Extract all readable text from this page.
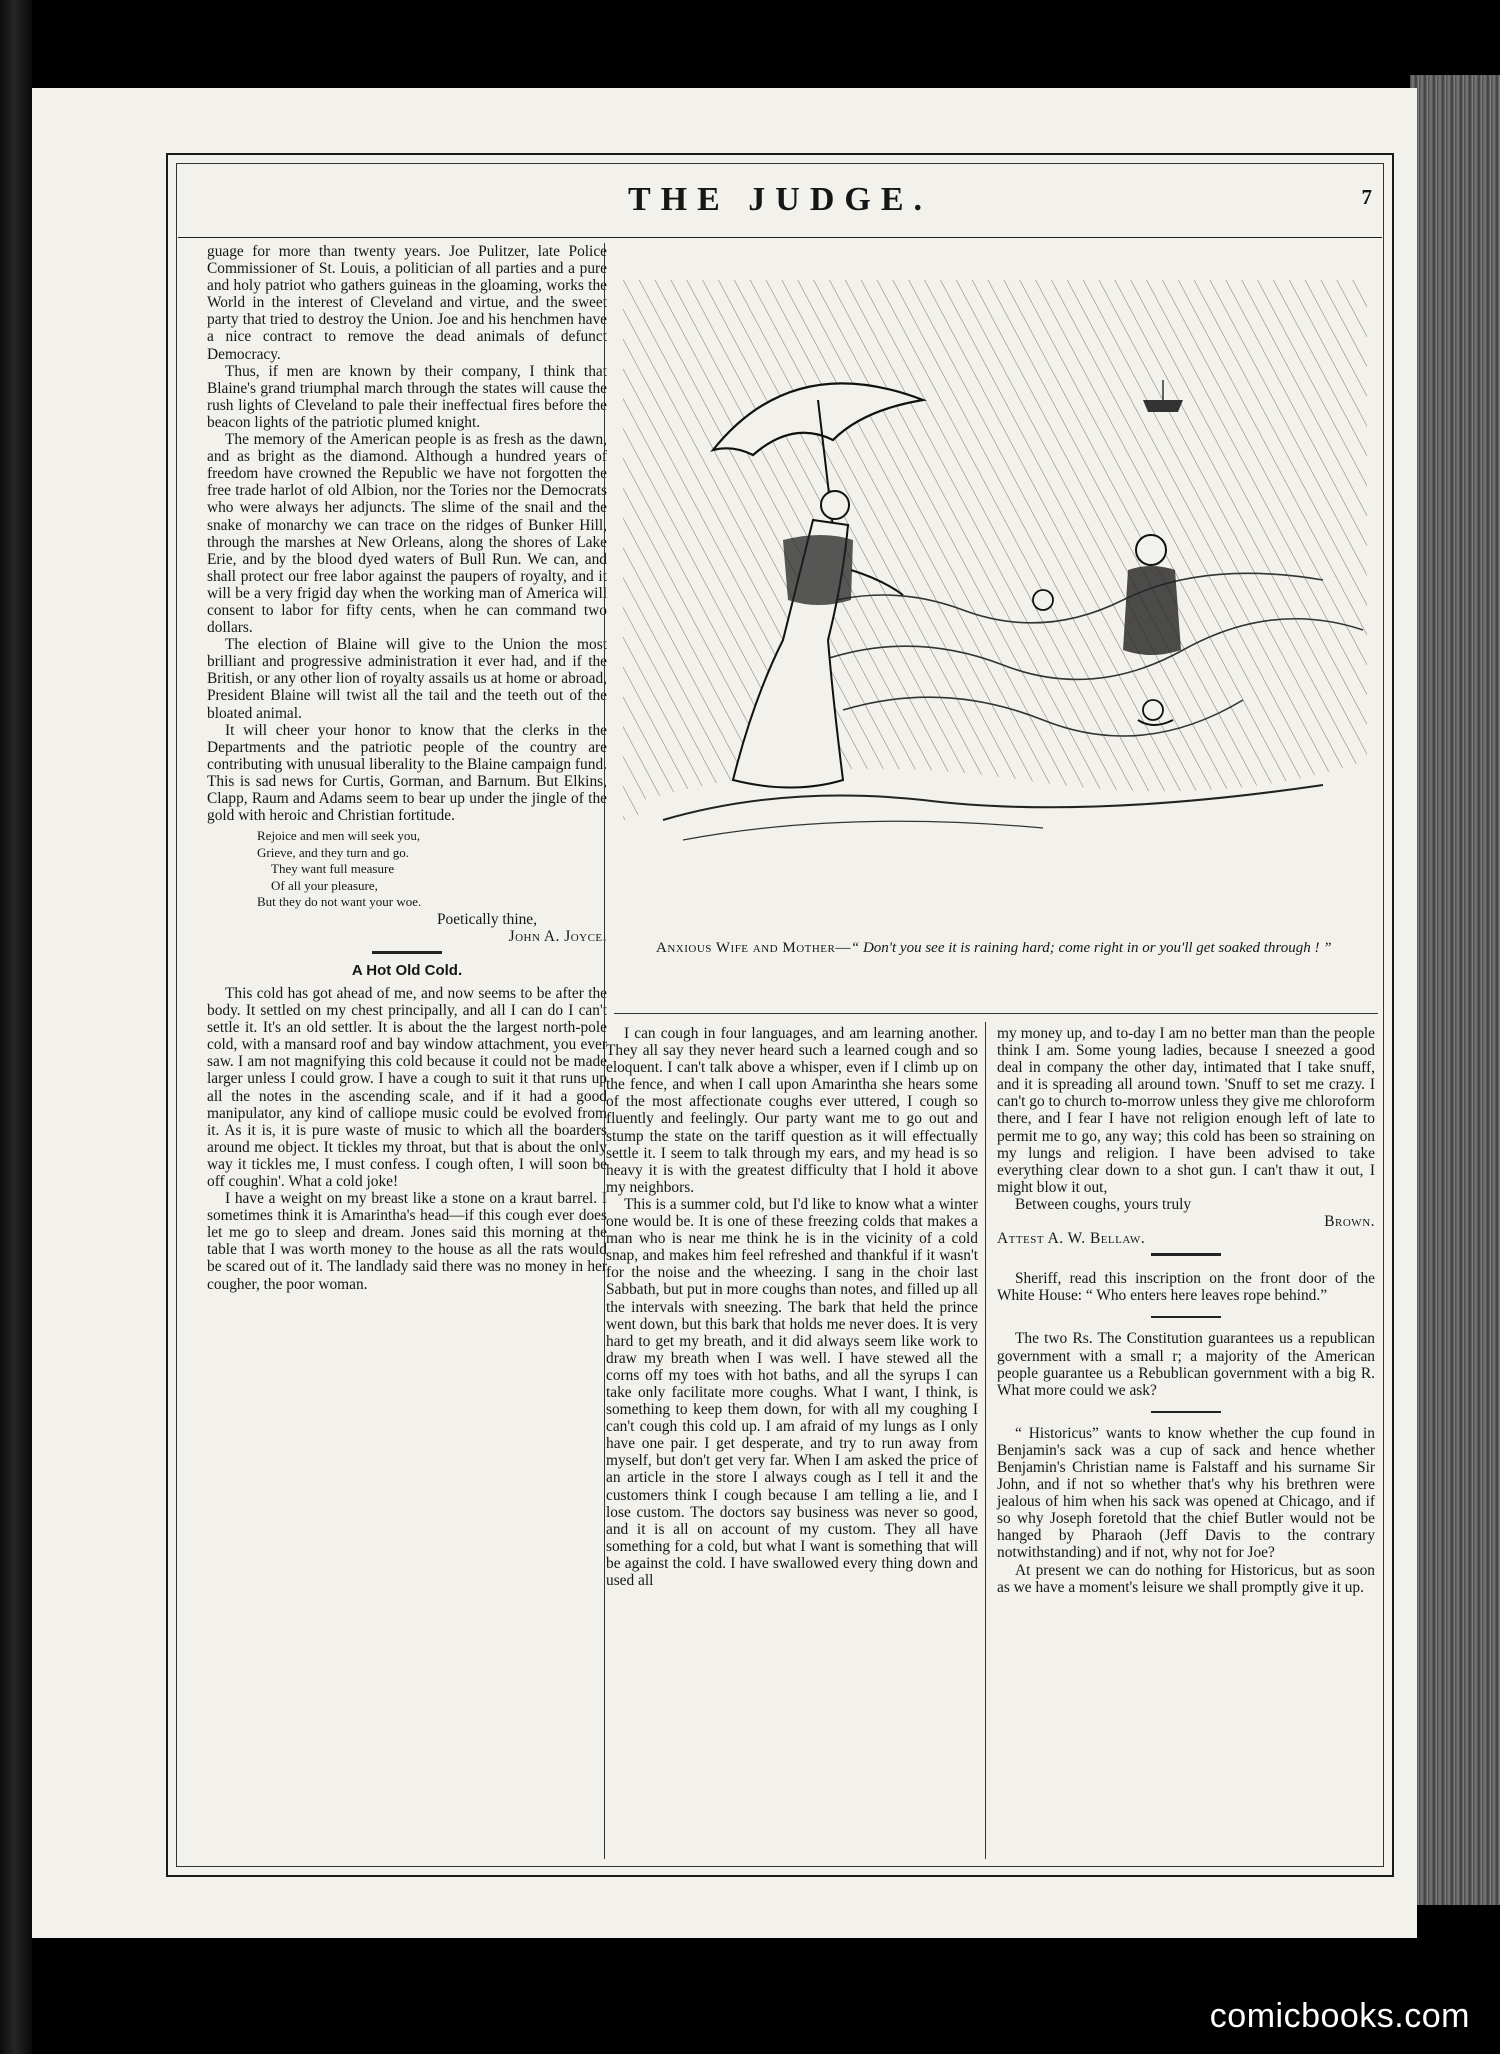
THE JUDGE.	7

guage for more than twenty years. Joe Pulitzer, late Police Commissioner of St. Louis, a politician of all parties and a pure and holy patriot who gathers guineas in the gloaming, works the World in the interest of Cleveland and virtue, and the sweet party that tried to destroy the Union. Joe and his henchmen have a nice contract to remove the dead animals of defunct Democracy.

Thus, if men are known by their company, I think that Blaine's grand triumphal march through the states will cause the rush lights of Cleveland to pale their ineffectual fires before the beacon lights of the patriotic plumed knight.

The memory of the American people is as fresh as the dawn, and as bright as the diamond. Although a hundred years of freedom have crowned the Republic we have not forgotten the free trade harlot of old Albion, nor the Tories nor the Democrats who were always her adjuncts. The slime of the snail and the snake of monarchy we can trace on the ridges of Bunker Hill, through the marshes at New Orleans, along the shores of Lake Erie, and by the blood dyed waters of Bull Run. We can, and shall protect our free labor against the paupers of royalty, and it will be a very frigid day when the working man of America will consent to labor for fifty cents, when he can command two dollars.

The election of Blaine will give to the Union the most brilliant and progressive administration it ever had, and if the British, or any other lion of royalty assails us at home or abroad, President Blaine will twist all the tail and the teeth out of the bloated animal.

It will cheer your honor to know that the clerks in the Departments and the patriotic people of the country are contributing with unusual liberality to the Blaine campaign fund. This is sad news for Curtis, Gorman, and Barnum. But Elkins, Clapp, Raum and Adams seem to bear up under the jingle of the gold with heroic and Christian fortitude.

Rejoice and men will seek you,
Grieve, and they turn and go.
They want full measure
Of all your pleasure,
But they do not want your woe.

Poetically thine,

John A. Joyce.

A Hot Old Cold.

This cold has got ahead of me, and now seems to be after the body. It settled on my chest principally, and all I can do I can't settle it. It's an old settler. It is about the the largest north-pole cold, with a mansard roof and bay window attachment, you ever saw. I am not magnifying this cold because it could not be made larger unless I could grow. I have a cough to suit it that runs up all the notes in the ascending scale, and if it had a good manipulator, any kind of calliope music could be evolved from it. As it is, it is pure waste of music to which all the boarders around me object. It tickles my throat, but that is about the only way it tickles me, I must confess. I cough often, I will soon be off coughin'. What a cold joke!

I have a weight on my breast like a stone on a kraut barrel. I sometimes think it is Amarintha's head—if this cough ever does let me go to sleep and dream. Jones said this morning at the table that I was worth money to the house as all the rats would be scared out of it. The landlady said there was no money in her cougher, the poor woman.

Anxious Wife and Mother—“ Don't you see it is raining hard; come right in or you'll get soaked through ! ”

I can cough in four languages, and am learning another. They all say they never heard such a learned cough and so eloquent. I can't talk above a whisper, even if I climb up on the fence, and when I call upon Amarintha she hears some of the most affectionate coughs ever uttered, I cough so fluently and feelingly. Our party want me to go out and stump the state on the tariff question as it will effectually settle it. I seem to talk through my ears, and my head is so heavy it is with the greatest difficulty that I hold it above my neighbors.

This is a summer cold, but I'd like to know what a winter one would be. It is one of these freezing colds that makes a man who is near me think he is in the vicinity of a cold snap, and makes him feel refreshed and thankful if it wasn't for the noise and the wheezing. I sang in the choir last Sabbath, but put in more coughs than notes, and filled up all the intervals with sneezing. The bark that held the prince went down, but this bark that holds me never does. It is very hard to get my breath, and it did always seem like work to draw my breath when I was well. I have stewed all the corns off my toes with hot baths, and all the syrups I can take only facilitate more coughs. What I want, I think, is something to keep them down, for with all my coughing I can't cough this cold up. I am afraid of my lungs as I only have one pair. I get desperate, and try to run away from myself, but don't get very far. When I am asked the price of an article in the store I always cough as I tell it and the customers think I cough because I am telling a lie, and I lose custom. The doctors say business was never so good, and it is all on account of my custom. They all have something for a cold, but what I want is something that will be against the cold. I have swallowed every thing down and used all

my money up, and to-day I am no better man than the people think I am. Some young ladies, because I sneezed a good deal in company the other day, intimated that I take snuff, and it is spreading all around town. 'Snuff to set me crazy. I can't go to church to-morrow unless they give me chloroform there, and I fear I have not religion enough left of late to permit me to go, any way; this cold has been so straining on my lungs and religion. I have been advised to take everything clear down to a shot gun. I can't thaw it out, I might blow it out,

Between coughs, yours truly

Brown.

Attest A. W. Bellaw.

Sheriff, read this inscription on the front door of the White House: “ Who enters here leaves rope behind.”

The two Rs. The Constitution guarantees us a republican government with a small r; a majority of the American people guarantee us a Rebublican government with a big R. What more could we ask?

“ Historicus” wants to know whether the cup found in Benjamin's sack was a cup of sack and hence whether Benjamin's Christian name is Falstaff and his surname Sir John, and if not so whether that's why his brethren were jealous of him when his sack was opened at Chicago, and if so why Joseph foretold that the chief Butler would not be hanged by Pharaoh (Jeff Davis to the contrary notwithstanding) and if not, why not for Joe?

At present we can do nothing for Historicus, but as soon as we have a moment's leisure we shall promptly give it up.

comicbooks.com
